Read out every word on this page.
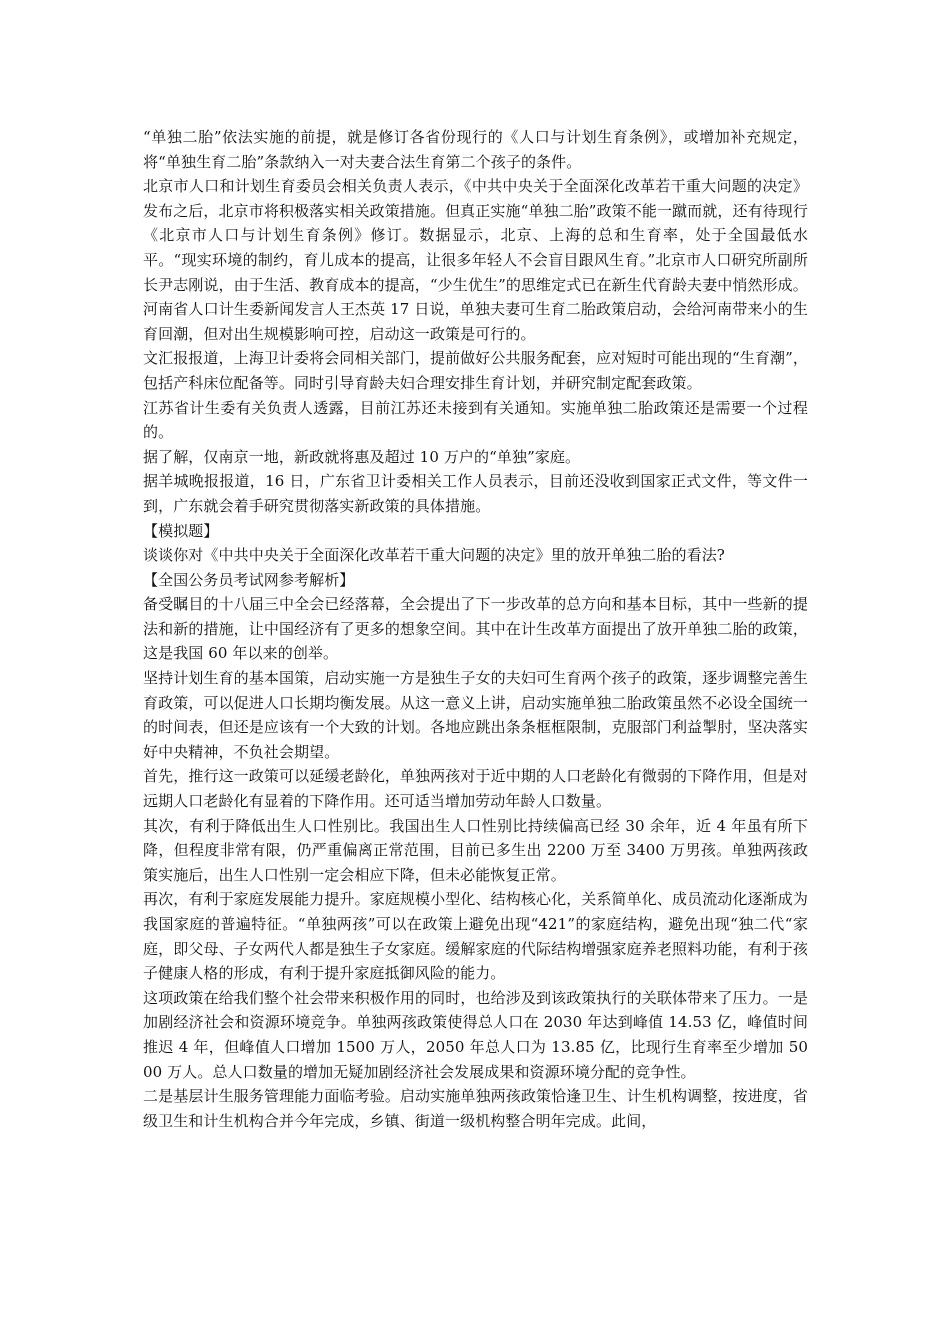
“单独二胎”依法实施的前提，就是修订各省份现行的《人口与计划生育条例》，或增加补充规定，将“单独生育二胎”条款纳入一对夫妻合法生育第二个孩子的条件。

北京市人口和计划生育委员会相关负责人表示，《中共中央关于全面深化改革若干重大问题的决定》发布之后，北京市将积极落实相关政策措施。但真正实施“单独二胎”政策不能一蹴而就，还有待现行《北京市人口与计划生育条例》修订。数据显示，北京、上海的总和生育率，处于全国最低水平。“现实环境的制约，育儿成本的提高，让很多年轻人不会盲目跟风生育。”北京市人口研究所副所长尹志刚说，由于生活、教育成本的提高，“少生优生”的思维定式已在新生代育龄夫妻中悄然形成。

河南省人口计生委新闻发言人王杰英 17 日说，单独夫妻可生育二胎政策启动，会给河南带来小的生育回潮，但对出生规模影响可控，启动这一政策是可行的。

文汇报报道，上海卫计委将会同相关部门，提前做好公共服务配套，应对短时可能出现的“生育潮”，包括产科床位配备等。同时引导育龄夫妇合理安排生育计划，并研究制定配套政策。

江苏省计生委有关负责人透露，目前江苏还未接到有关通知。实施单独二胎政策还是需要一个过程的。

据了解，仅南京一地，新政就将惠及超过 10 万户的“单独”家庭。

据羊城晚报报道，16 日，广东省卫计委相关工作人员表示，目前还没收到国家正式文件，等文件一到，广东就会着手研究贯彻落实新政策的具体措施。

【模拟题】

谈谈你对《中共中央关于全面深化改革若干重大问题的决定》里的放开单独二胎的看法?

【全国公务员考试网参考解析】

备受瞩目的十八届三中全会已经落幕，全会提出了下一步改革的总方向和基本目标，其中一些新的提法和新的措施，让中国经济有了更多的想象空间。其中在计生改革方面提出了放开单独二胎的政策，这是我国 60 年以来的创举。

坚持计划生育的基本国策，启动实施一方是独生子女的夫妇可生育两个孩子的政策，逐步调整完善生育政策，可以促进人口长期均衡发展。从这一意义上讲，启动实施单独二胎政策虽然不必设全国统一的时间表，但还是应该有一个大致的计划。各地应跳出条条框框限制，克服部门利益掣肘，坚决落实好中央精神，不负社会期望。

首先，推行这一政策可以延缓老龄化，单独两孩对于近中期的人口老龄化有微弱的下降作用，但是对远期人口老龄化有显着的下降作用。还可适当增加劳动年龄人口数量。

其次，有利于降低出生人口性别比。我国出生人口性别比持续偏高已经 30 余年，近 4 年虽有所下降，但程度非常有限，仍严重偏离正常范围，目前已多生出 2200 万至 3400 万男孩。单独两孩政策实施后，出生人口性别一定会相应下降，但未必能恢复正常。

再次，有利于家庭发展能力提升。家庭规模小型化、结构核心化，关系简单化、成员流动化逐渐成为我国家庭的普遍特征。“单独两孩”可以在政策上避免出现“421”的家庭结构，避免出现“独二代“家庭，即父母、子女两代人都是独生子女家庭。缓解家庭的代际结构增强家庭养老照料功能，有利于孩子健康人格的形成，有利于提升家庭抵御风险的能力。

这项政策在给我们整个社会带来积极作用的同时，也给涉及到该政策执行的关联体带来了压力。一是加剧经济社会和资源环境竞争。单独两孩政策使得总人口在 2030 年达到峰值 14.53 亿，峰值时间推迟 4 年，但峰值人口增加 1500 万人，2050 年总人口为 13.85 亿，比现行生育率至少增加 5000 万人。总人口数量的增加无疑加剧经济社会发展成果和资源环境分配的竞争性。

二是基层计生服务管理能力面临考验。启动实施单独两孩政策恰逢卫生、计生机构调整，按进度，省级卫生和计生机构合并今年完成，乡镇、街道一级机构整合明年完成。此间，
